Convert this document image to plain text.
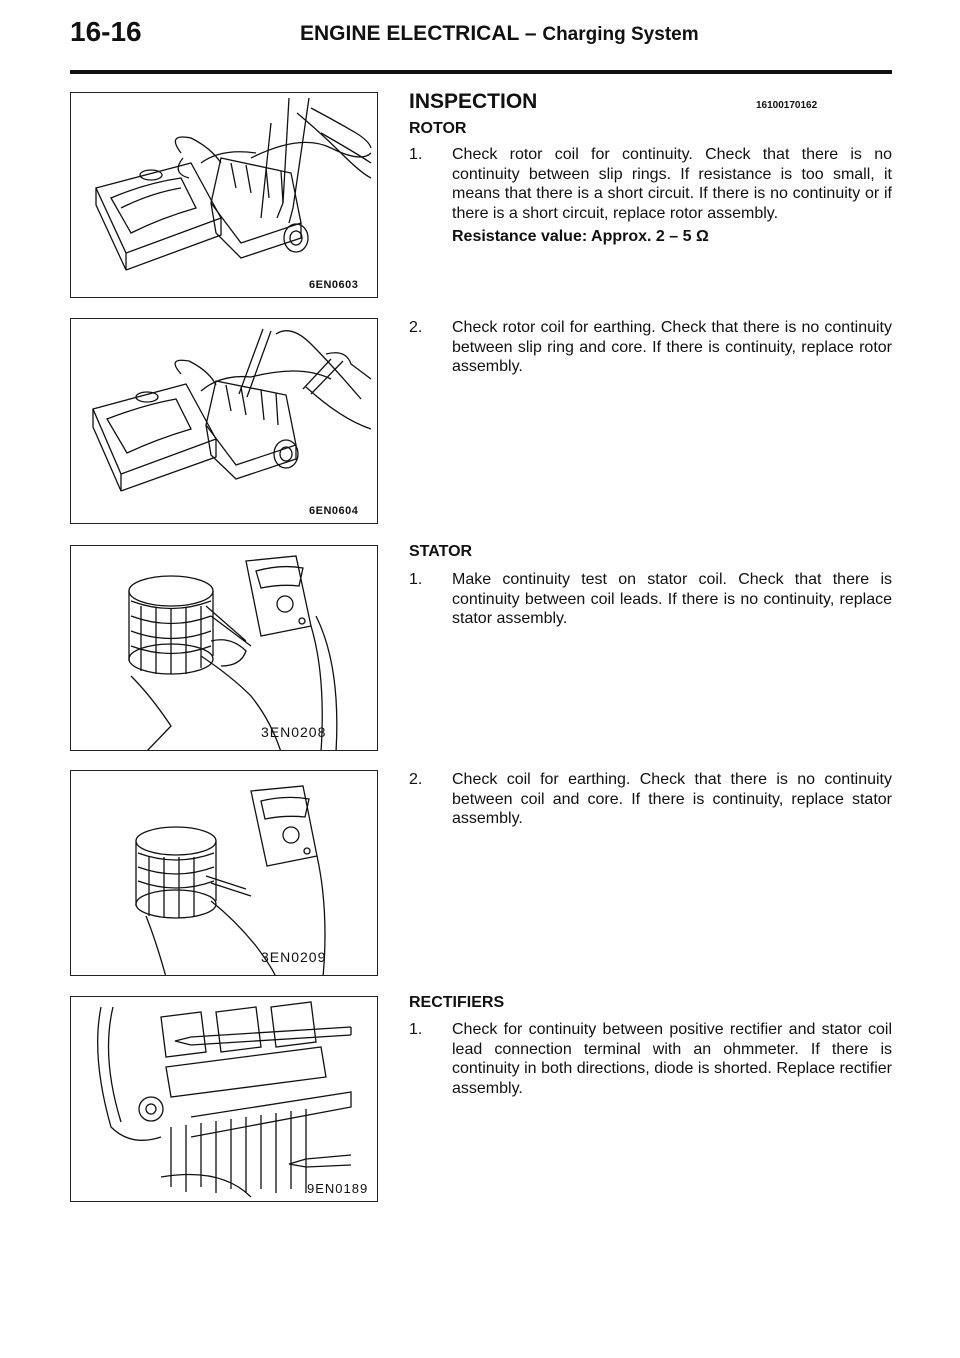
16-16	ENGINE ELECTRICAL – Charging System
6EN0603
6EN0604
3EN0208
3EN0209
9EN0189
INSPECTION	16100170162
ROTOR
1. Check rotor coil for continuity. Check that there is no continuity between slip rings. If resistance is too small, it means that there is a short circuit. If there is no continuity or if there is a short circuit, replace rotor assembly.
Resistance value: Approx. 2 – 5 Ω
2. Check rotor coil for earthing. Check that there is no continuity between slip ring and core. If there is continuity, replace rotor assembly.
STATOR
1. Make continuity test on stator coil. Check that there is continuity between coil leads. If there is no continuity, replace stator assembly.
2. Check coil for earthing. Check that there is no continuity between coil and core. If there is continuity, replace stator assembly.
RECTIFIERS
1. Check for continuity between positive rectifier and stator coil lead connection terminal with an ohmmeter. If there is continuity in both directions, diode is shorted. Replace rectifier assembly.
